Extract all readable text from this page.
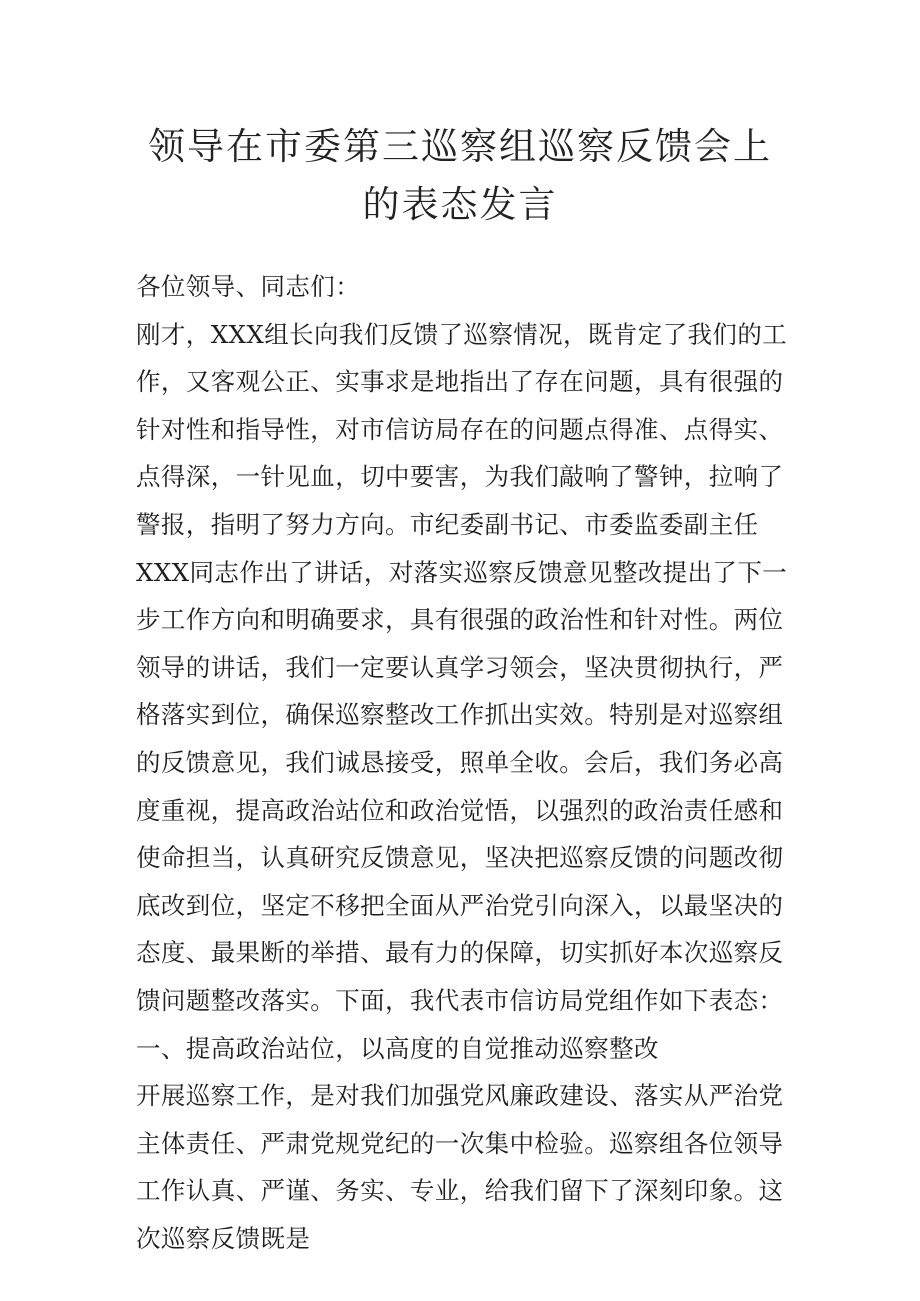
领导在市委第三巡察组巡察反馈会上的表态发言

各位领导、同志们：

刚才，XXX组长向我们反馈了巡察情况，既肯定了我们的工作，又客观公正、实事求是地指出了存在问题，具有很强的针对性和指导性，对市信访局存在的问题点得准、点得实、点得深，一针见血，切中要害，为我们敲响了警钟，拉响了警报，指明了努力方向。市纪委副书记、市委监委副主任XXX同志作出了讲话，对落实巡察反馈意见整改提出了下一步工作方向和明确要求，具有很强的政治性和针对性。两位领导的讲话，我们一定要认真学习领会，坚决贯彻执行，严格落实到位，确保巡察整改工作抓出实效。特别是对巡察组的反馈意见，我们诚恳接受，照单全收。会后，我们务必高度重视，提高政治站位和政治觉悟，以强烈的政治责任感和使命担当，认真研究反馈意见，坚决把巡察反馈的问题改彻底改到位，坚定不移把全面从严治党引向深入，以最坚决的态度、最果断的举措、最有力的保障，切实抓好本次巡察反馈问题整改落实。下面，我代表市信访局党组作如下表态：一、提高政治站位，以高度的自觉推动巡察整改

开展巡察工作，是对我们加强党风廉政建设、落实从严治党主体责任、严肃党规党纪的一次集中检验。巡察组各位领导工作认真、严谨、务实、专业，给我们留下了深刻印象。这次巡察反馈既是
